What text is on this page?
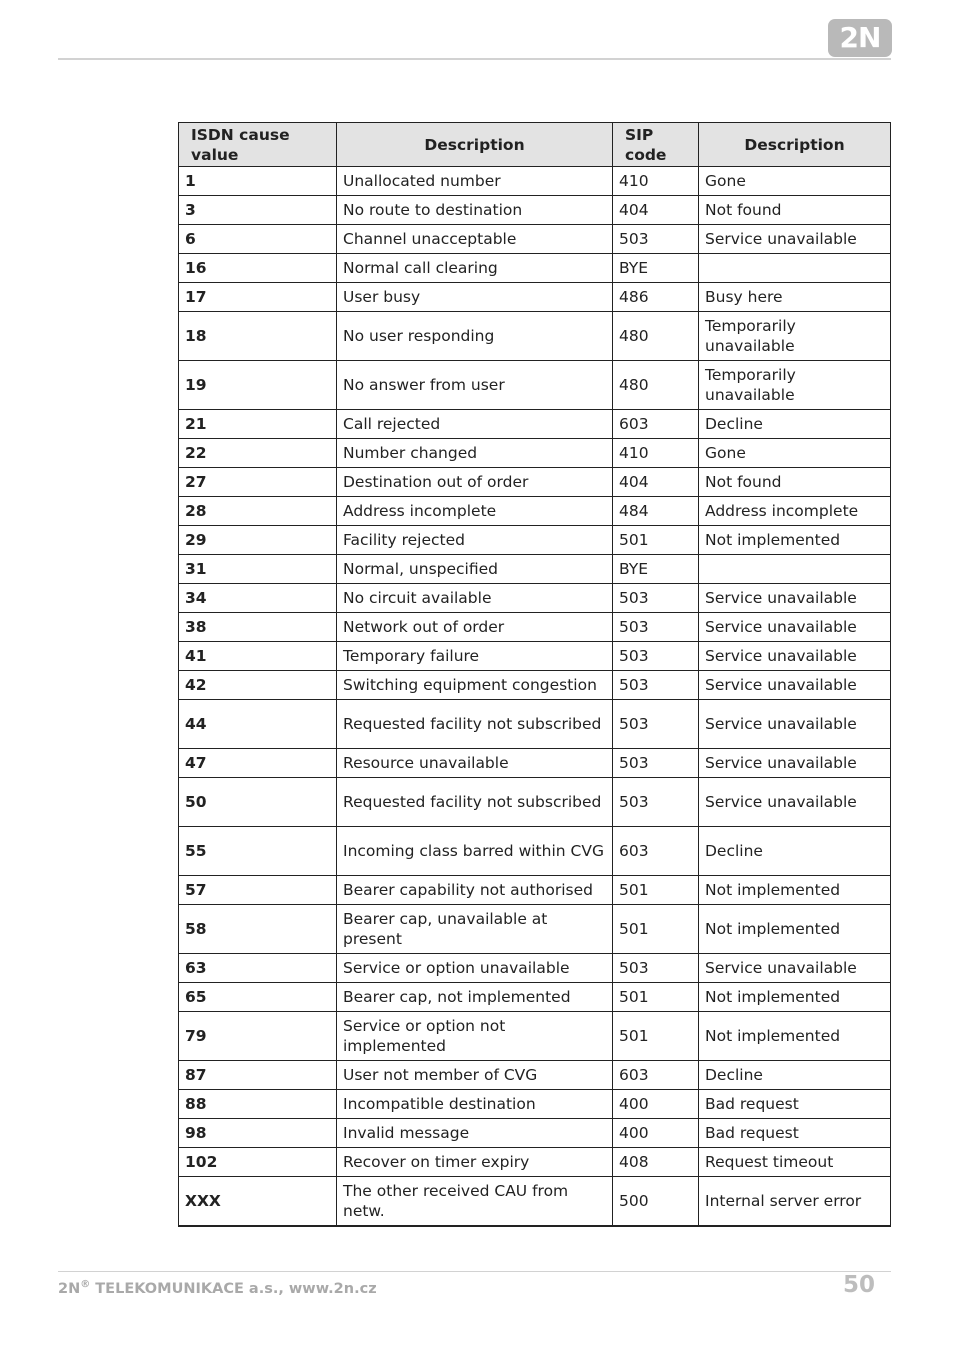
2N
ISDN cause value	Description	SIP code	Description
1	Unallocated number	410	Gone
3	No route to destination	404	Not found
6	Channel unacceptable	503	Service unavailable
16	Normal call clearing	BYE	
17	User busy	486	Busy here
18	No user responding	480	Temporarily unavailable
19	No answer from user	480	Temporarily unavailable
21	Call rejected	603	Decline
22	Number changed	410	Gone
27	Destination out of order	404	Not found
28	Address incomplete	484	Address incomplete
29	Facility rejected	501	Not implemented
31	Normal, unspecified	BYE	
34	No circuit available	503	Service unavailable
38	Network out of order	503	Service unavailable
41	Temporary failure	503	Service unavailable
42	Switching equipment congestion	503	Service unavailable
44	Requested facility not subscribed	503	Service unavailable
47	Resource unavailable	503	Service unavailable
50	Requested facility not subscribed	503	Service unavailable
55	Incoming class barred within CVG	603	Decline
57	Bearer capability not authorised	501	Not implemented
58	Bearer cap, unavailable at present	501	Not implemented
63	Service or option unavailable	503	Service unavailable
65	Bearer cap, not implemented	501	Not implemented
79	Service or option not implemented	501	Not implemented
87	User not member of CVG	603	Decline
88	Incompatible destination	400	Bad request
98	Invalid message	400	Bad request
102	Recover on timer expiry	408	Request timeout
XXX	The other received CAU from netw.	500	Internal server error
2N® TELEKOMUNIKACE a.s., www.2n.cz	50
